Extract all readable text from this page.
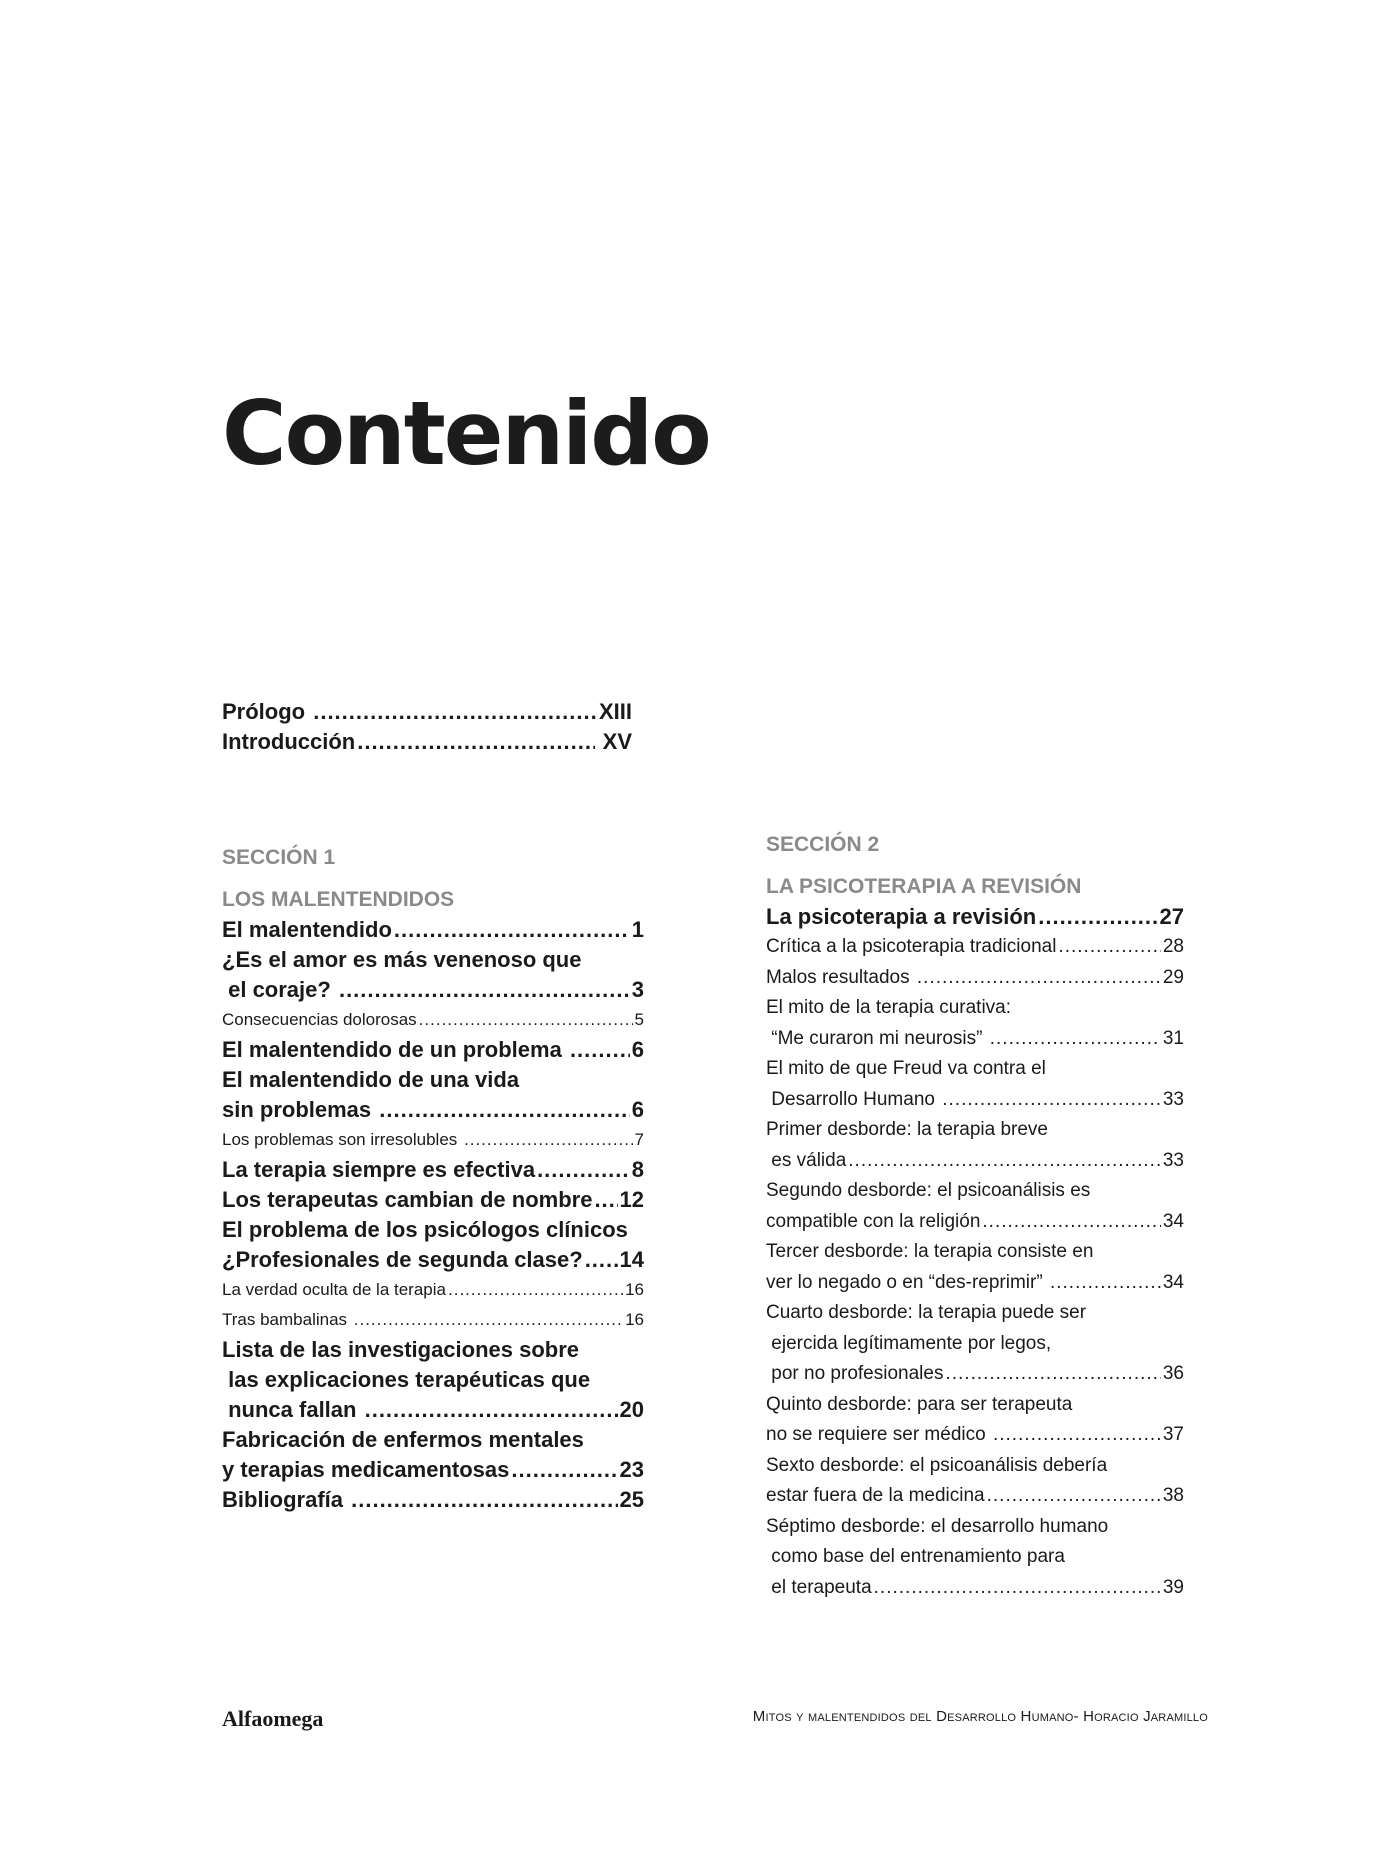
Contenido
Prólogo .....	XIII
Introducción .....	XV
SECCIÓN 1
LOS MALENTENDIDOS
El malentendido .....	1
¿Es el amor es más venenoso que
el coraje? .....	3
Consecuencias dolorosas .....	5
El malentendido de un problema .....	6
El malentendido de una vida
sin problemas .....	6
Los problemas son irresolubles .....	7
La terapia siempre es efectiva .....	8
Los terapeutas cambian de nombre ..... 12
El problema de los psicólogos clínicos
¿Profesionales de segunda clase? ..... 14
La verdad oculta de la terapia .....	16
Tras bambalinas .....	16
Lista de las investigaciones sobre
las explicaciones terapéuticas que
nunca fallan .....	20
Fabricación de enfermos mentales
y terapias medicamentosas .....	23
Bibliografía .....	25
SECCIÓN 2
LA PSICOTERAPIA A REVISIÓN
La psicoterapia a revisión .....	27
Crítica a la psicoterapia tradicional .....	28
Malos resultados .....	29
El mito de la terapia curativa:
“Me curaron mi neurosis” .....	31
El mito de que Freud va contra el
Desarrollo Humano .....	33
Primer desborde: la terapia breve
es válida .....	33
Segundo desborde: el psicoanálisis es
compatible con la religión .....	34
Tercer desborde: la terapia consiste en
ver lo negado o en “des-reprimir” .....	34
Cuarto desborde: la terapia puede ser
ejercida legítimamente por legos,
por no profesionales .....	36
Quinto desborde: para ser terapeuta
no se requiere ser médico .....	37
Sexto desborde: el psicoanálisis debería
estar fuera de la medicina .....	38
Séptimo desborde: el desarrollo humano
como base del entrenamiento para
el terapeuta .....	39
Alfaomega	Mitos y malentendidos del Desarrollo Humano- Horacio Jaramillo
